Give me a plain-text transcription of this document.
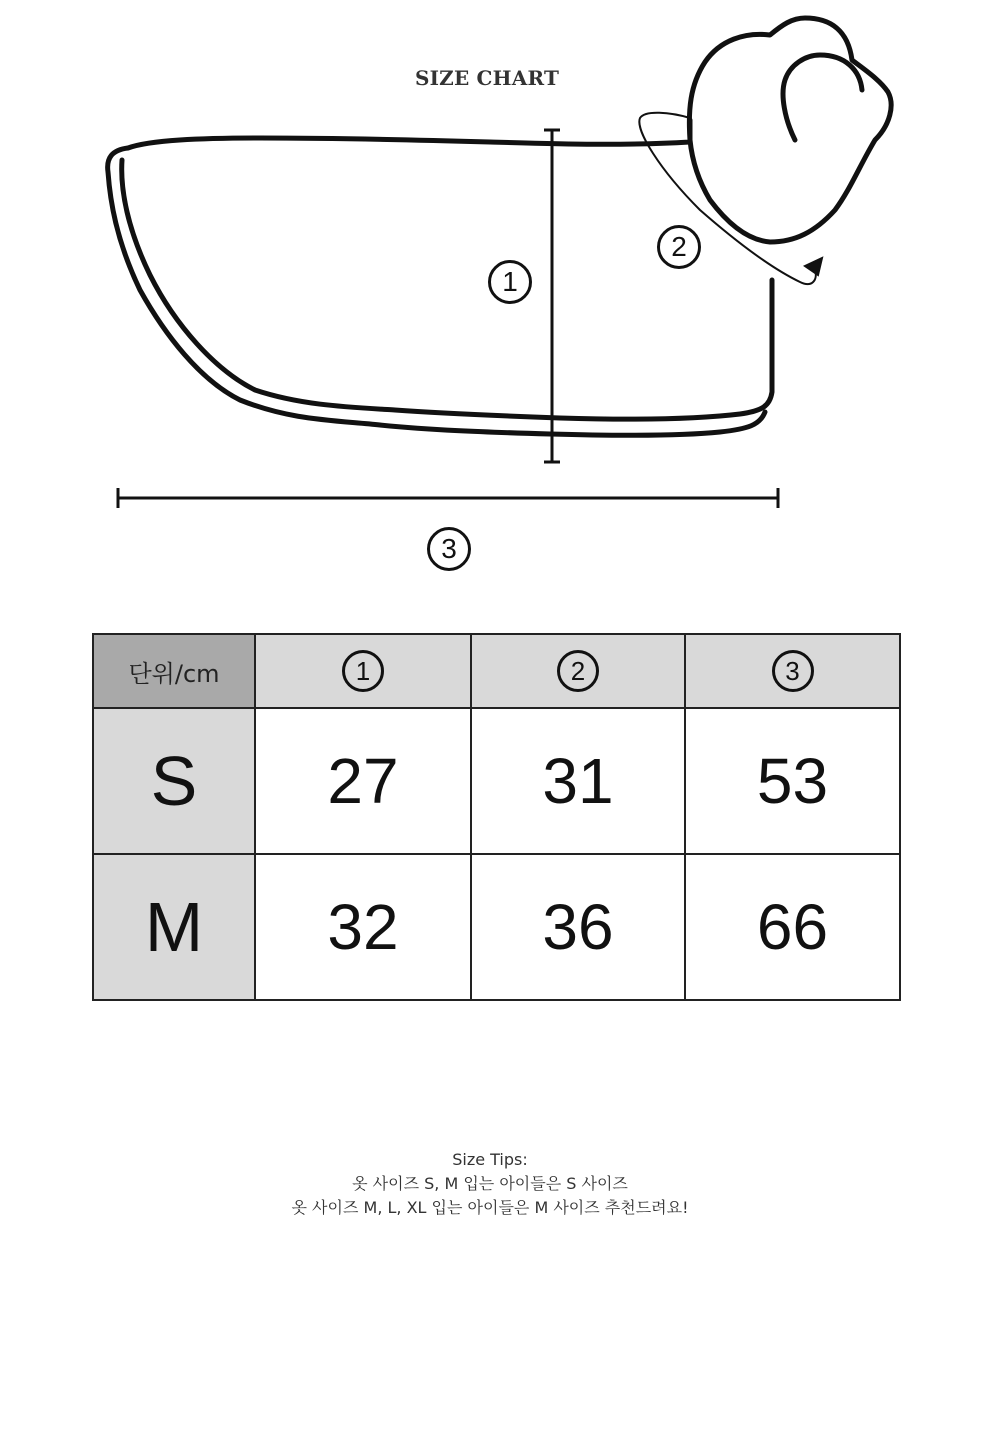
SIZE CHART
1
2
3
단위/cm	1	2	3
S	27	31	53
M	32	36	66
Size Tips:
옷 사이즈 S, M 입는 아이들은 S 사이즈
옷 사이즈 M, L, XL 입는 아이들은 M 사이즈 추천드려요!
